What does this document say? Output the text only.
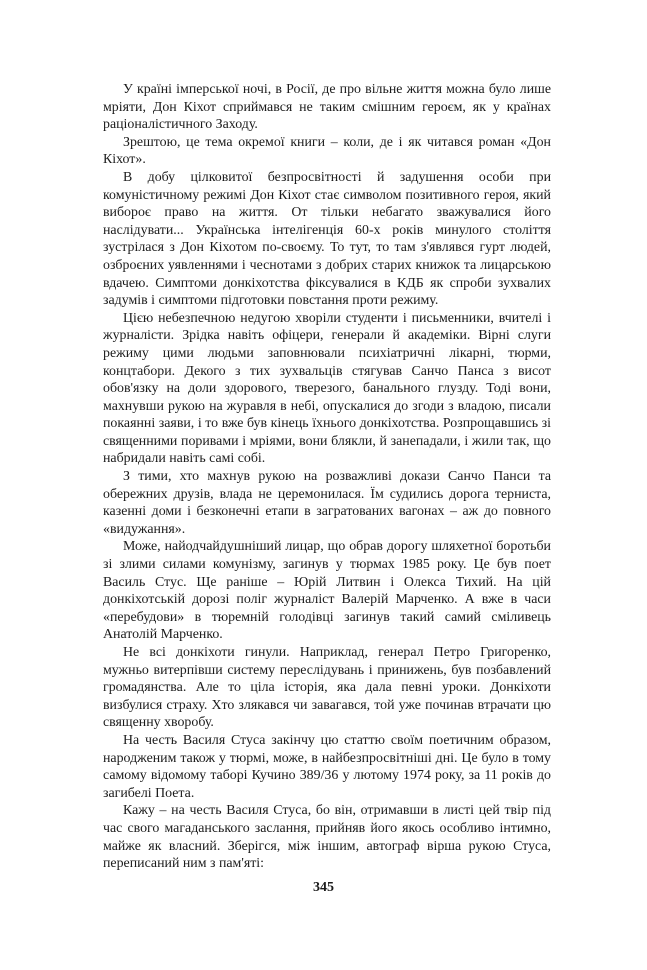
У країні імперської ночі, в Росії, де про вільне життя можна було лише мріяти, Дон Кіхот сприймався не таким смішним героєм, як у країнах раціоналістичного Заходу.

Зрештою, це тема окремої книги – коли, де і як читався роман «Дон Кіхот».

В добу цілковитої безпросвітності й задушення особи при комуністичному режимі Дон Кіхот стає символом позитивного героя, який вибороє право на життя. От тільки небагато зважувалися його наслідувати... Українська інтелігенція 60-х років минулого століття зустрілася з Дон Кіхотом по-своєму. То тут, то там з'являвся гурт людей, озброєних уявленнями і чеснотами з добрих старих книжок та лицарською вдачею. Симптоми донкіхотства фіксувалися в КДБ як спроби зухвалих задумів і симптоми підготовки повстання проти режиму.

Цією небезпечною недугою хворіли студенти і письменники, вчителі і журналісти. Зрідка навіть офіцери, генерали й академіки. Вірні слуги режиму цими людьми заповнювали психіатричні лікарні, тюрми, концтабори. Декого з тих зухвальців стягував Санчо Панса з висот обов'язку на доли здорового, тверезого, банального глузду. Тоді вони, махнувши рукою на журавля в небі, опускалися до згоди з владою, писали покаянні заяви, і то вже був кінець їхнього донкіхотства. Розпрощавшись зі священними поривами і мріями, вони блякли, й занепадали, і жили так, що набридали навіть самі собі.

З тими, хто махнув рукою на розважливі докази Санчо Панси та обережних друзів, влада не церемонилася. Їм судились дорога терниста, казенні доми і безконечні етапи в загратованих вагонах – аж до повного «видужання».

Може, найодчайдушніший лицар, що обрав дорогу шляхетної боротьби зі злими силами комунізму, загинув у тюрмах 1985 року. Це був поет Василь Стус. Ще раніше – Юрій Литвин і Олекса Тихий. На цій донкіхотській дорозі поліг журналіст Валерій Марченко. А вже в часи «перебудови» в тюремній голодівці загинув такий самий сміливець Анатолій Марченко.

Не всі донкіхоти гинули. Наприклад, генерал Петро Григоренко, мужньо витерпівши систему переслідувань і принижень, був позбавлений громадянства. Але то ціла історія, яка дала певні уроки. Донкіхоти визбулися страху. Хто злякався чи завагався, той уже починав втрачати цю священну хворобу.

На честь Василя Стуса закінчу цю статтю своїм поетичним образом, народженим також у тюрмі, може, в найбезпросвітніші дні. Це було в тому самому відомому таборі Кучино 389/36 у лютому 1974 року, за 11 років до загибелі Поета.

Кажу – на честь Василя Стуса, бо він, отримавши в листі цей твір під час свого магаданського заслання, прийняв його якось особливо інтимно, майже як власний. Зберігся, між іншим, автограф вірша рукою Стуса, переписаний ним з пам'яті:

345
